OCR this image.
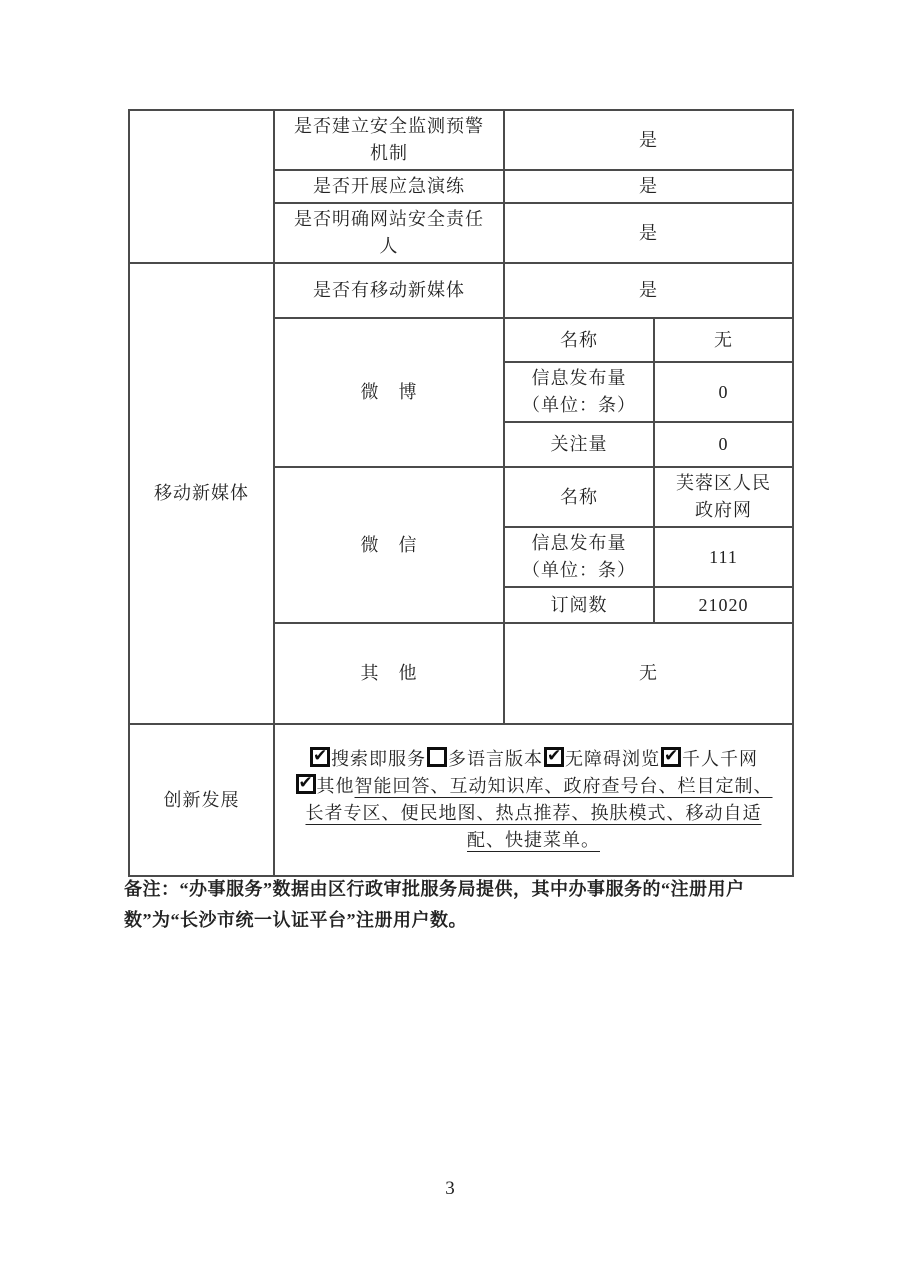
	是否建立安全监测预警机制	是	
	是否开展应急演练	是	
	是否明确网站安全责任人	是	
移动新媒体	是否有移动新媒体	是	
	微　博	名称	无

		信息发布量
（单位：条）	0

		关注量	0
	微　信	名称	芙蓉区人民政府网

		信息发布量
（单位：条）	111

		订阅数	21020
	其　他	无	
创新发展	✔搜索即服务 多语言版本 ✔ 无障碍浏览 ✔ 千人千网✔其他智能回答、互动知识库、政府查号台、栏目定制、长者专区、便民地图、热点推荐、换肤模式、移动自适配、快捷菜单。
备注：“办事服务”数据由区行政审批服务局提供，其中办事服务的“注册用户数”为“长沙市统一认证平台”注册用户数。
3
